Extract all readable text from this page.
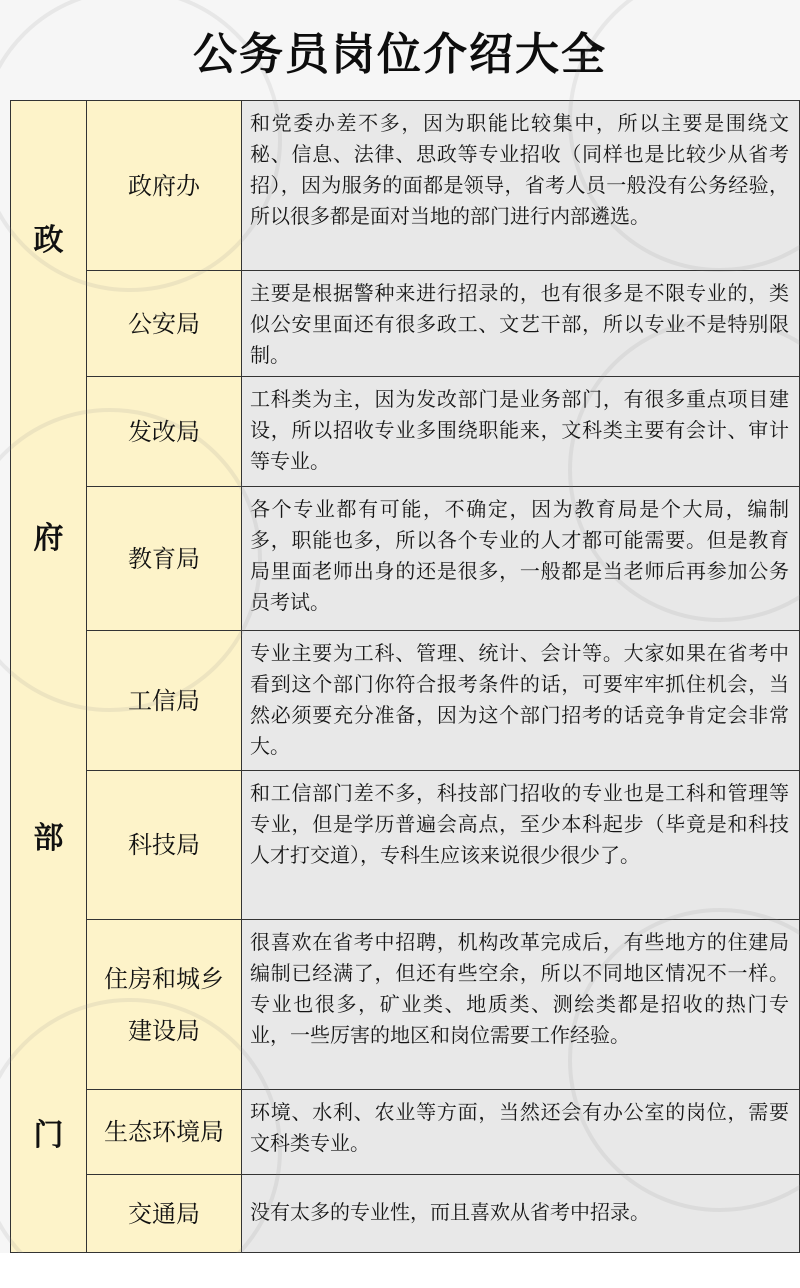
公务员岗位介绍大全
政
府
部
门
政府办
和党委办差不多，因为职能比较集中，所以主要是围绕文秘、信息、法律、思政等专业招收（同样也是比较少从省考招），因为服务的面都是领导，省考人员一般没有公务经验，所以很多都是面对当地的部门进行内部遴选。
公安局
主要是根据警种来进行招录的，也有很多是不限专业的，类似公安里面还有很多政工、文艺干部，所以专业不是特别限制。
发改局
工科类为主，因为发改部门是业务部门，有很多重点项目建设，所以招收专业多围绕职能来，文科类主要有会计、审计等专业。
教育局
各个专业都有可能，不确定，因为教育局是个大局，编制多，职能也多，所以各个专业的人才都可能需要。但是教育局里面老师出身的还是很多，一般都是当老师后再参加公务员考试。
工信局
专业主要为工科、管理、统计、会计等。大家如果在省考中看到这个部门你符合报考条件的话，可要牢牢抓住机会，当然必须要充分准备，因为这个部门招考的话竞争肯定会非常大。
科技局
和工信部门差不多，科技部门招收的专业也是工科和管理等专业，但是学历普遍会高点，至少本科起步（毕竟是和科技人才打交道），专科生应该来说很少很少了。
住房和城乡建设局
很喜欢在省考中招聘，机构改革完成后，有些地方的住建局编制已经满了，但还有些空余，所以不同地区情况不一样。专业也很多，矿业类、地质类、测绘类都是招收的热门专业，一些厉害的地区和岗位需要工作经验。
生态环境局
环境、水利、农业等方面，当然还会有办公室的岗位，需要文科类专业。
交通局	没有太多的专业性，而且喜欢从省考中招录。
